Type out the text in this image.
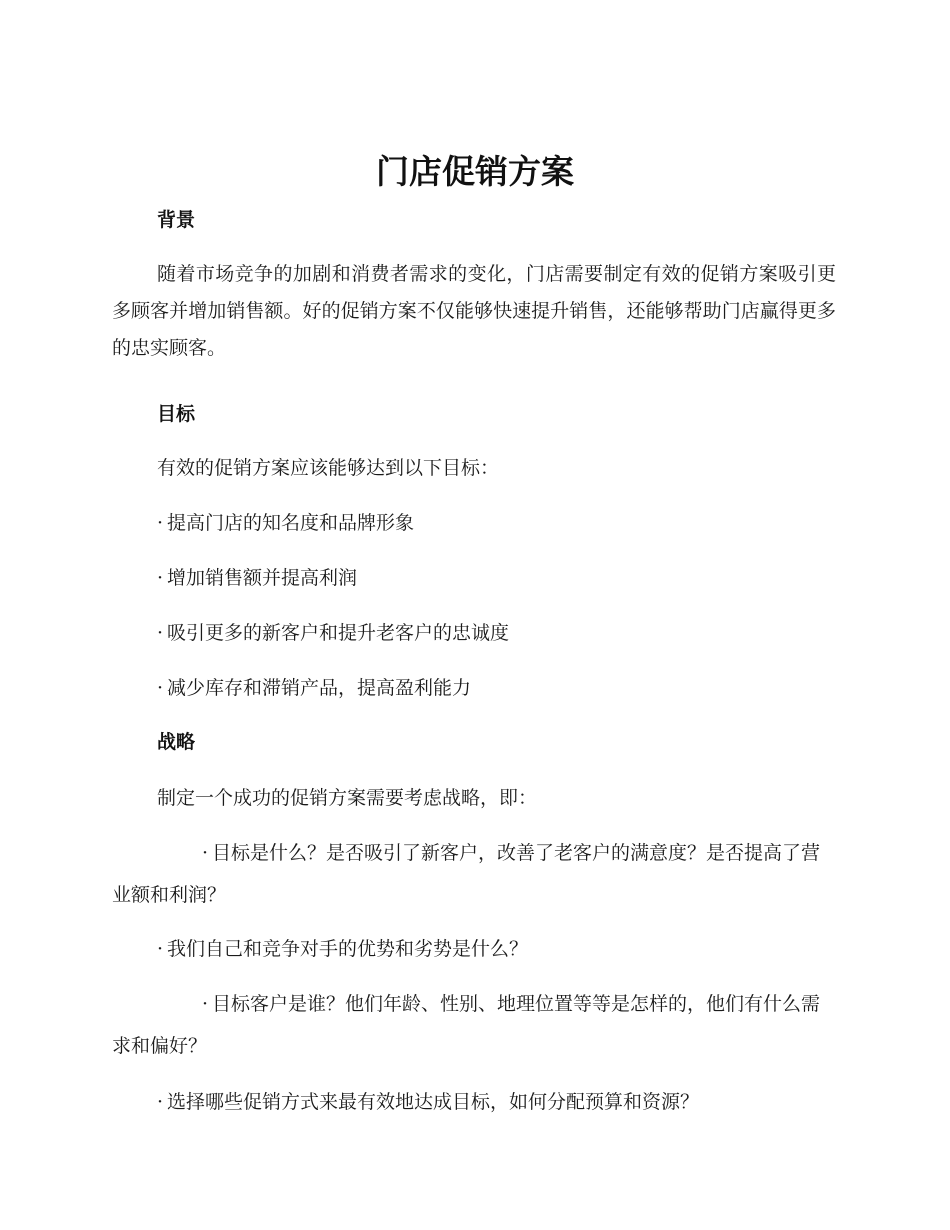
门店促销方案
背景
随着市场竞争的加剧和消费者需求的变化，门店需要制定有效的促销方案吸引更多顾客并增加销售额。好的促销方案不仅能够快速提升销售，还能够帮助门店赢得更多的忠实顾客。
目标
有效的促销方案应该能够达到以下目标：
· 提高门店的知名度和品牌形象
· 增加销售额并提高利润
· 吸引更多的新客户和提升老客户的忠诚度
· 减少库存和滞销产品，提高盈利能力
战略
制定一个成功的促销方案需要考虑战略，即：
· 目标是什么？是否吸引了新客户，改善了老客户的满意度？是否提高了营业额和利润？
· 我们自己和竞争对手的优势和劣势是什么？
· 目标客户是谁？他们年龄、性别、地理位置等等是怎样的，他们有什么需求和偏好？
· 选择哪些促销方式来最有效地达成目标，如何分配预算和资源？
